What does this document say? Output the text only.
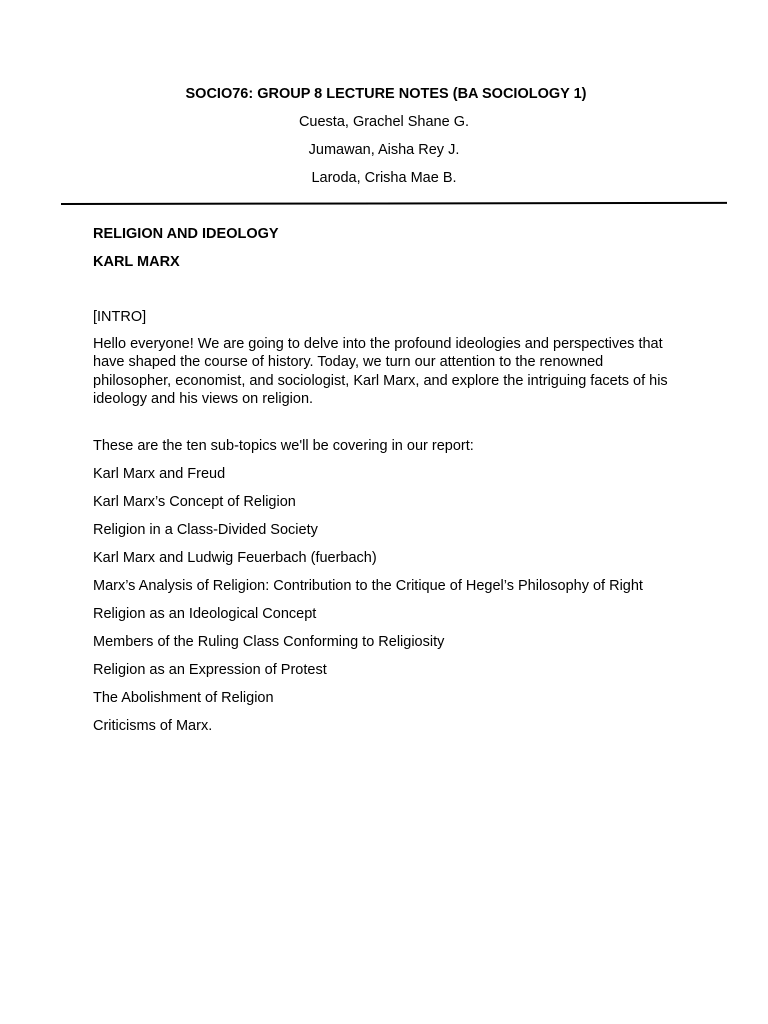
SOCIO76: GROUP 8 LECTURE NOTES (BA SOCIOLOGY 1)

Cuesta, Grachel Shane G.

Jumawan, Aisha Rey J.

Laroda, Crisha Mae B.

RELIGION AND IDEOLOGY

KARL MARX

[INTRO]

Hello everyone! We are going to delve into the profound ideologies and perspectives that have shaped the course of history. Today, we turn our attention to the renowned philosopher, economist, and sociologist, Karl Marx, and explore the intriguing facets of his ideology and his views on religion.

These are the ten sub-topics we'll be covering in our report:

Karl Marx and Freud
Karl Marx’s Concept of Religion
Religion in a Class-Divided Society
Karl Marx and Ludwig Feuerbach (fuerbach)
Marx’s Analysis of Religion: Contribution to the Critique of Hegel’s Philosophy of Right
Religion as an Ideological Concept
Members of the Ruling Class Conforming to Religiosity
Religion as an Expression of Protest
The Abolishment of Religion
Criticisms of Marx.
